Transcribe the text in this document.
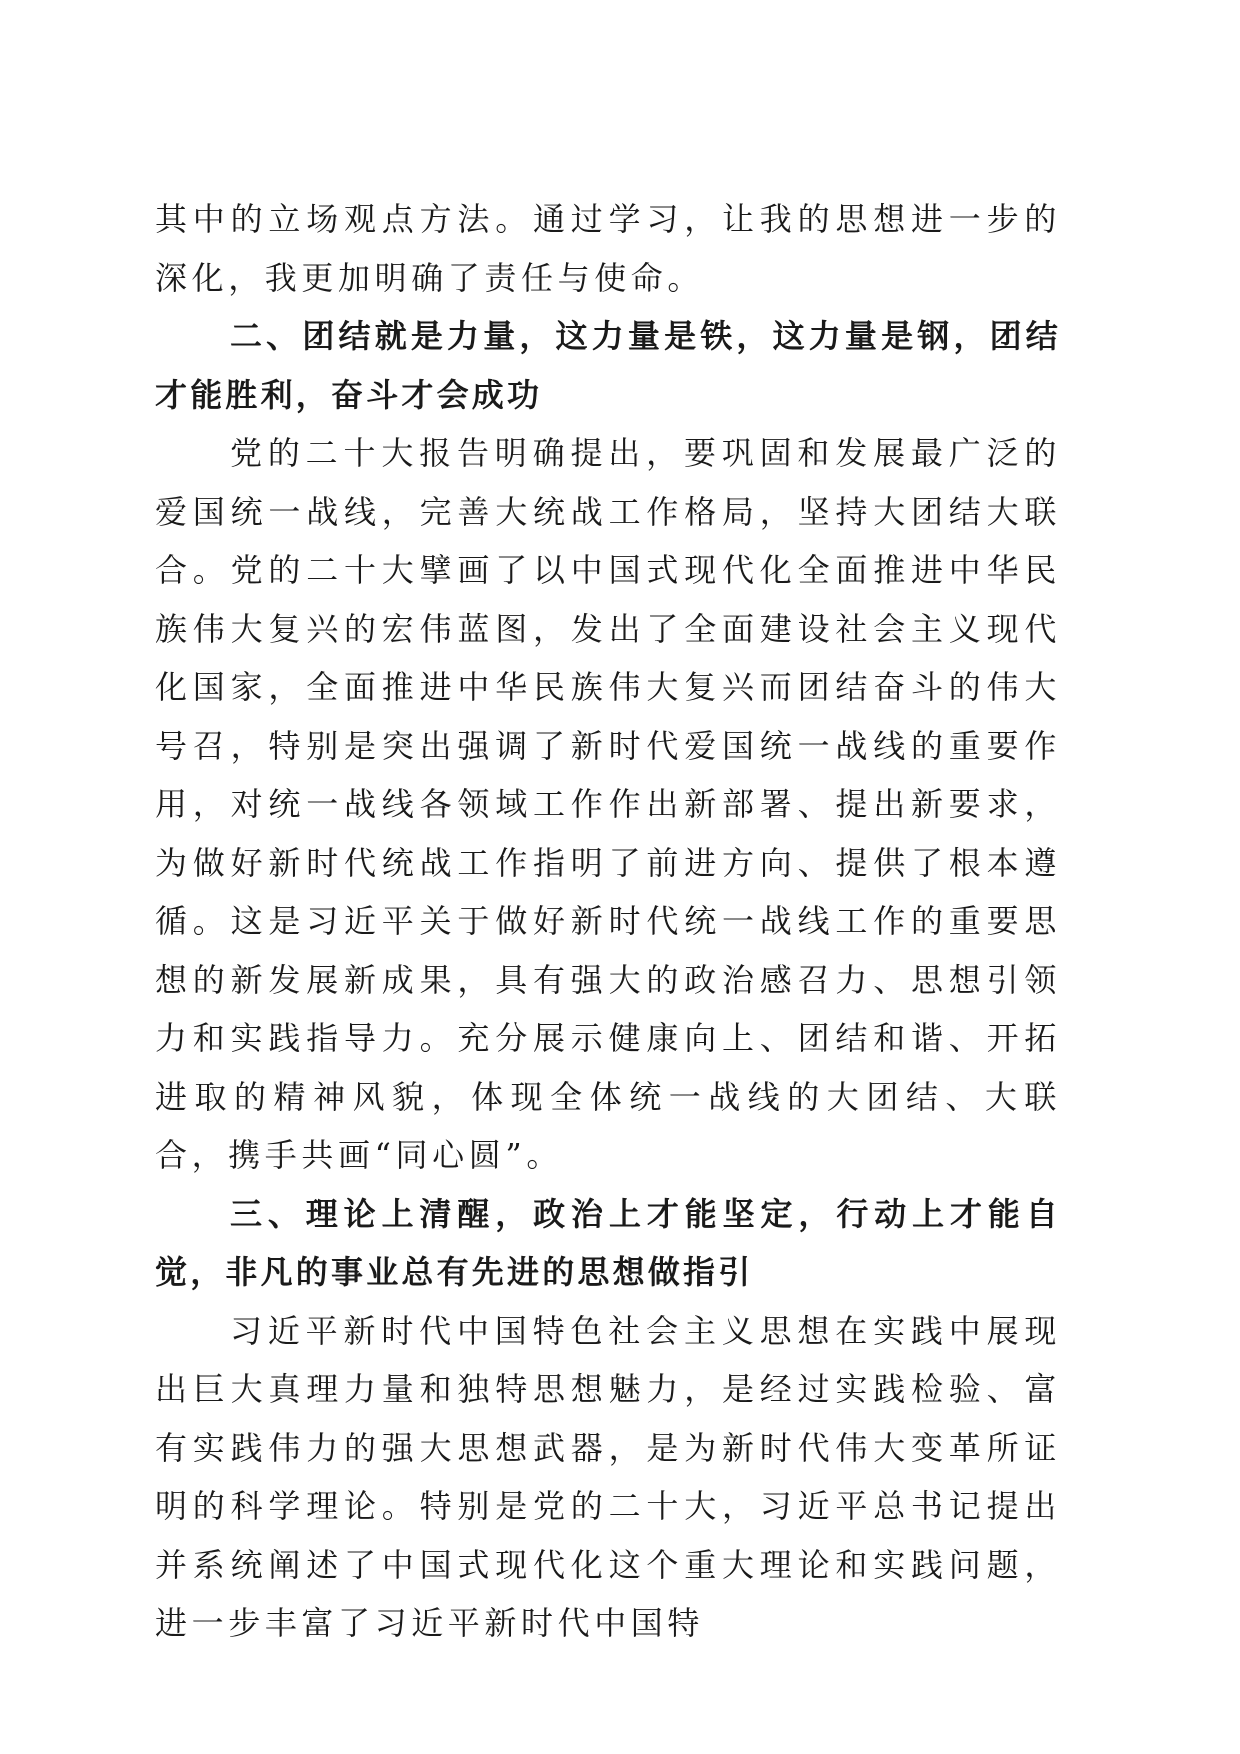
其中的立场观点方法。通过学习，让我的思想进一步的深化，我更加明确了责任与使命。

二、团结就是力量，这力量是铁，这力量是钢，团结才能胜利，奋斗才会成功

党的二十大报告明确提出，要巩固和发展最广泛的爱国统一战线，完善大统战工作格局，坚持大团结大联合。党的二十大擘画了以中国式现代化全面推进中华民族伟大复兴的宏伟蓝图，发出了全面建设社会主义现代化国家，全面推进中华民族伟大复兴而团结奋斗的伟大号召，特别是突出强调了新时代爱国统一战线的重要作用，对统一战线各领域工作作出新部署、提出新要求，为做好新时代统战工作指明了前进方向、提供了根本遵循。这是习近平关于做好新时代统一战线工作的重要思想的新发展新成果，具有强大的政治感召力、思想引领力和实践指导力。充分展示健康向上、团结和谐、开拓进取的精神风貌，体现全体统一战线的大团结、大联合，携手共画“同心圆”。

三、理论上清醒，政治上才能坚定，行动上才能自觉，非凡的事业总有先进的思想做指引

习近平新时代中国特色社会主义思想在实践中展现出巨大真理力量和独特思想魅力，是经过实践检验、富有实践伟力的强大思想武器，是为新时代伟大变革所证明的科学理论。特别是党的二十大，习近平总书记提出并系统阐述了中国式现代化这个重大理论和实践问题，进一步丰富了习近平新时代中国特
